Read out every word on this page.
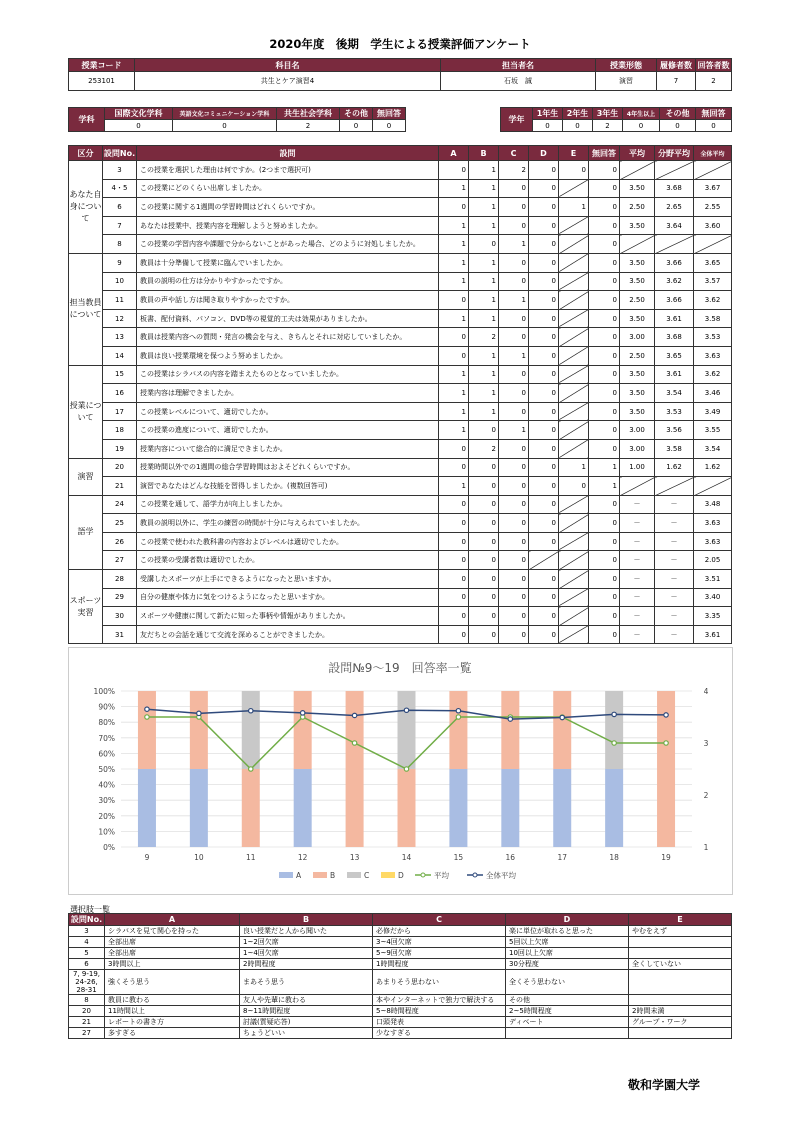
2020年度　後期　学生による授業評価アンケート
授業コード	科目名	担当者名	授業形態	履修者数	回答者数
253101	共生とケア演習4	石坂　誠	演習	7	2
学科	国際文化学科	英語文化コミュニケーション学科	共生社会学科	その他	無回答
	0	0	2	0	0
学年	1年生	2年生	3年生	4年生以上	その他	無回答
	0	0	2	0	0	0
区分	設問No.	設問	A	B	C	D	E	無回答	平均	分野平均	全体平均
あなた自身について	3	この授業を選択した理由は何ですか。(2つまで選択可)	0	1	2	0	0	0			
	4・5	この授業にどのくらい出席しましたか。	1	1	0	0		0	3.50	3.68	3.67
	6	この授業に関する1週間の学習時間はどれくらいですか。	0	1	0	0	1	0	2.50	2.65	2.55
	7	あなたは授業中、授業内容を理解しようと努めましたか。	1	1	0	0		0	3.50	3.64	3.60
	8	この授業の学習内容や課題で分からないことがあった場合、どのように対処しましたか。	1	0	1	0		0			
担当教員について	9	教員は十分準備して授業に臨んでいましたか。	1	1	0	0		0	3.50	3.66	3.65
	10	教員の説明の仕方は分かりやすかったですか。	1	1	0	0		0	3.50	3.62	3.57
	11	教員の声や話し方は聞き取りやすかったですか。	0	1	1	0		0	2.50	3.66	3.62
	12	板書、配付資料、パソコン、DVD等の視覚的工夫は効果がありましたか。	1	1	0	0		0	3.50	3.61	3.58
	13	教員は授業内容への質問・発言の機会を与え、きちんとそれに対応していましたか。	0	2	0	0		0	3.00	3.68	3.53
	14	教員は良い授業環境を保つよう努めましたか。	0	1	1	0		0	2.50	3.65	3.63
授業について	15	この授業はシラバスの内容を踏まえたものとなっていましたか。	1	1	0	0		0	3.50	3.61	3.62
	16	授業内容は理解できましたか。	1	1	0	0		0	3.50	3.54	3.46
	17	この授業レベルについて、適切でしたか。	1	1	0	0		0	3.50	3.53	3.49
	18	この授業の進度について、適切でしたか。	1	0	1	0		0	3.00	3.56	3.55
	19	授業内容について総合的に満足できましたか。	0	2	0	0		0	3.00	3.58	3.54
演習	20	授業時間以外での1週間の総合学習時間はおよそどれくらいですか。	0	0	0	0	1	1	1.00	1.62	1.62
	21	演習であなたはどんな技能を習得しましたか。(複数回答可)	1	0	0	0	0	1			
語学	24	この授業を通して、語学力が向上しましたか。	0	0	0	0		0	－	－	3.48
	25	教員の説明以外に、学生の練習の時間が十分に与えられていましたか。	0	0	0	0		0	－	－	3.63
	26	この授業で使われた教科書の内容およびレベルは適切でしたか。	0	0	0	0		0	－	－	3.63
	27	この授業の受講者数は適切でしたか。	0	0	0			0	－	－	2.05
スポーツ実習	28	受講したスポーツが上手にできるようになったと思いますか。	0	0	0	0		0	－	－	3.51
	29	自分の健康や体力に気をつけるようになったと思いますか。	0	0	0	0		0	－	－	3.40
	30	スポーツや健康に関して新たに知った事柄や情報がありましたか。	0	0	0	0		0	－	－	3.35
	31	友だちとの会話を通じて交流を深めることができましたか。	0	0	0	0		0	－	－	3.61
設問№9～19　回答率一覧
0%
10%
20%
30%
40%
50%
60%
70%
80%
90%
100%
1
2
3
4
9	10	11	12	13	14	15	16	17	18	19
A	B	C	D	平均	全体平均
選択肢一覧
設問No.	A	B	C	D	E
3	シラバスを見て関心を持った	良い授業だと人から聞いた	必修だから	楽に単位が取れると思った	やむをえず
4	全部出席	1~2回欠席	3~4回欠席	5回以上欠席	
5	全部出席	1~4回欠席	5~9回欠席	10回以上欠席	
6	3時間以上	2時間程度	1時間程度	30分程度	全くしていない
7, 9-19, 24-26, 28-31	強くそう思う	まあそう思う	あまりそう思わない	全くそう思わない	
8	教員に教わる	友人や先輩に教わる	本やインターネットで独力で解決する	その他	
20	11時間以上	8~11時間程度	5~8時間程度	2~5時間程度	2時間未満
21	レポートの書き方	討議(質疑応答)	口頭発表	ディベート	グループ・ワーク
27	多すぎる	ちょうどいい	少なすぎる		
敬和学園大学
